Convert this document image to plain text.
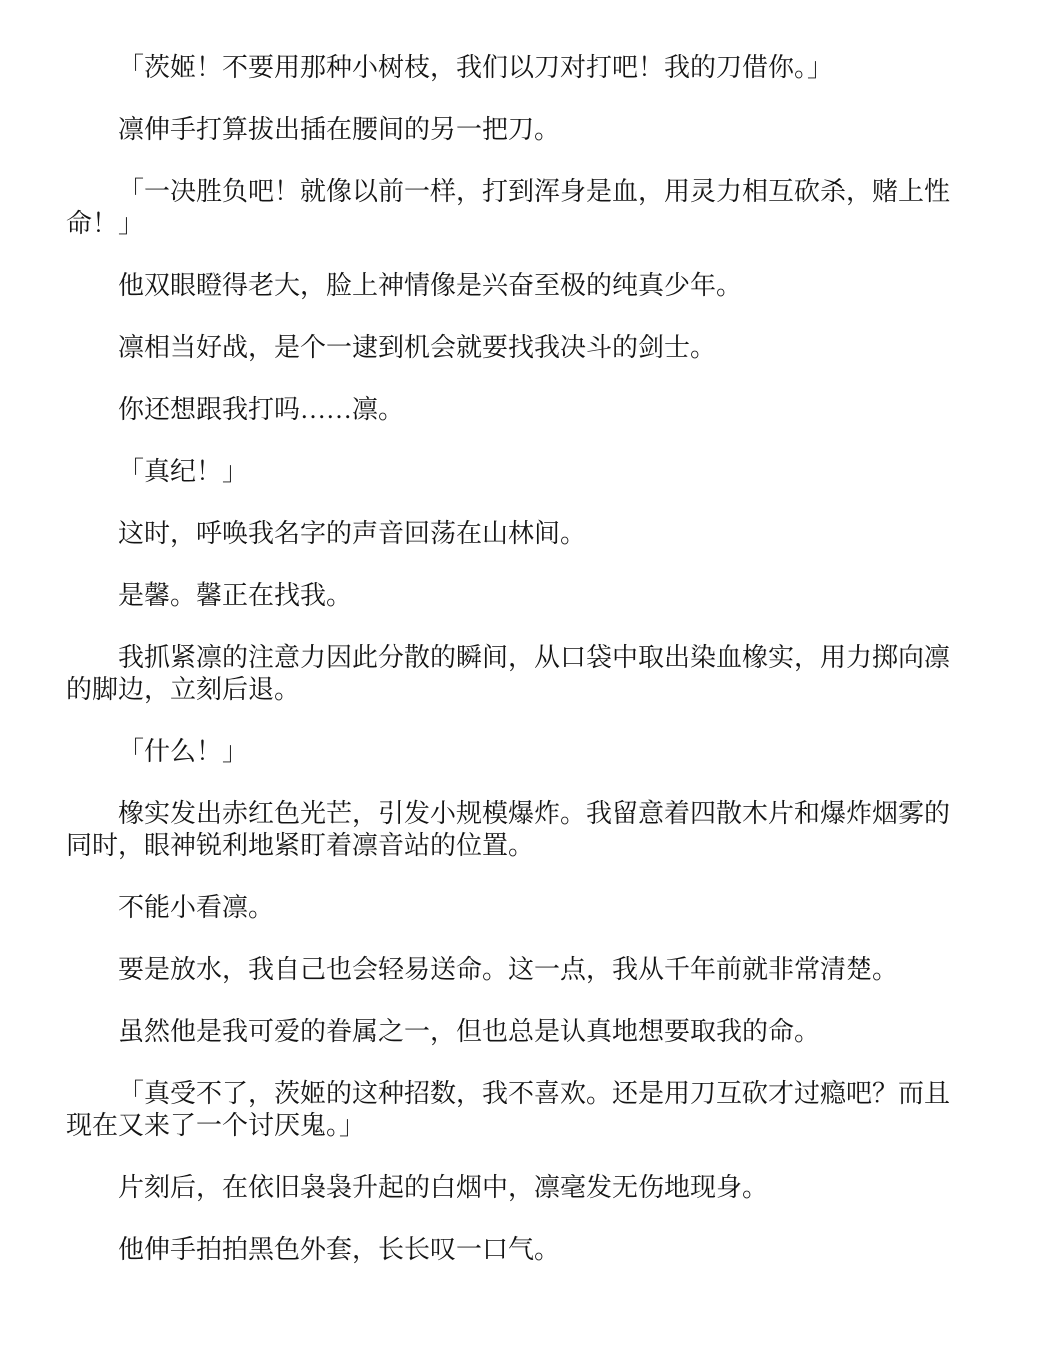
「茨姬！不要用那种小树枝，我们以刀对打吧！我的刀借你。」

凛伸手打算拔出插在腰间的另一把刀。

「一决胜负吧！就像以前一样，打到浑身是血，用灵力相互砍杀，赌上性命！」

他双眼瞪得老大，脸上神情像是兴奋至极的纯真少年。

凛相当好战，是个一逮到机会就要找我决斗的剑士。

你还想跟我打吗……凛。

「真纪！」

这时，呼唤我名字的声音回荡在山林间。

是馨。馨正在找我。

我抓紧凛的注意力因此分散的瞬间，从口袋中取出染血橡实，用力掷向凛的脚边，立刻后退。

「什么！」

橡实发出赤红色光芒，引发小规模爆炸。我留意着四散木片和爆炸烟雾的同时，眼神锐利地紧盯着凛音站的位置。

不能小看凛。

要是放水，我自己也会轻易送命。这一点，我从千年前就非常清楚。

虽然他是我可爱的眷属之一，但也总是认真地想要取我的命。

「真受不了，茨姬的这种招数，我不喜欢。还是用刀互砍才过瘾吧？而且现在又来了一个讨厌鬼。」

片刻后，在依旧袅袅升起的白烟中，凛毫发无伤地现身。

他伸手拍拍黑色外套，长长叹一口气。
